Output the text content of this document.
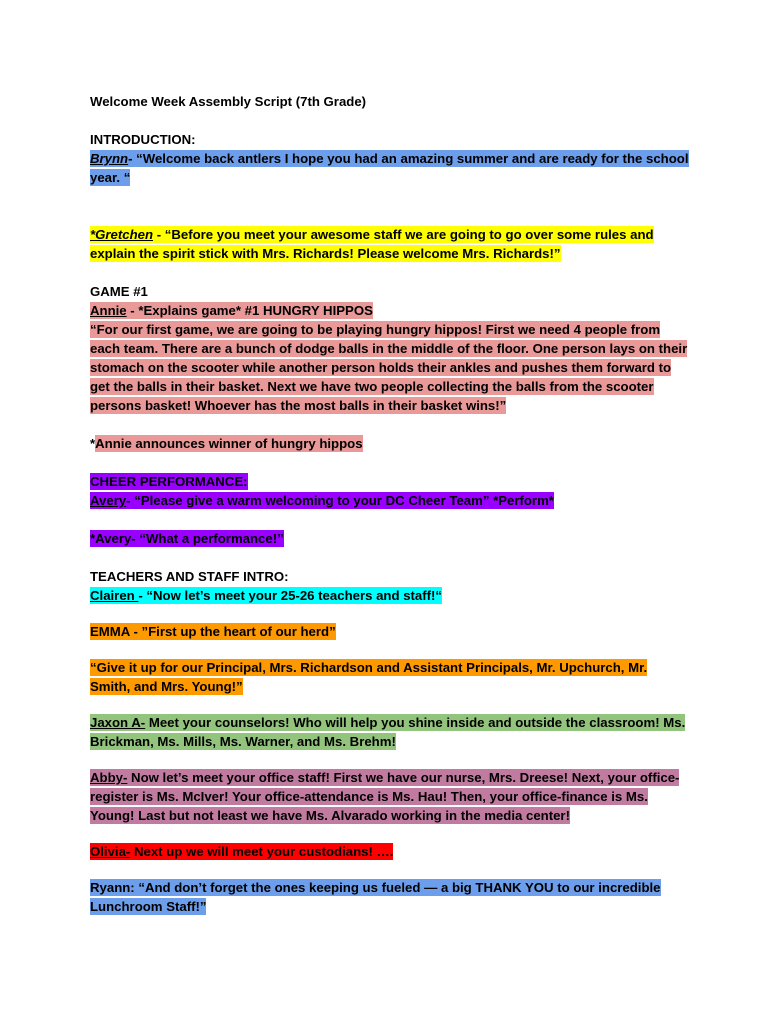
Welcome Week Assembly Script (7th Grade)

INTRODUCTION:

Brynn- “Welcome back antlers I hope you had an amazing summer and are ready for the school year. “

*Gretchen - “Before you meet your awesome staff we are going to go over some rules and explain the spirit stick with Mrs. Richards! Please welcome Mrs. Richards!”

GAME #1

Annie - *Explains game* #1 HUNGRY HIPPOS

“For our first game, we are going to be playing hungry hippos! First we need 4 people from each team. There are a bunch of dodge balls in the middle of the floor. One person lays on their stomach on the scooter while another person holds their ankles and pushes them forward to get the balls in their basket. Next we have two people collecting the balls from the scooter persons basket! Whoever has the most balls in their basket wins!”

*Annie announces winner of hungry hippos

CHEER PERFORMANCE:

Avery- “Please give a warm welcoming to your DC Cheer Team” *Perform*

*Avery- “What a performance!”

TEACHERS AND STAFF INTRO:

Clairen - “Now let’s meet your 25-26 teachers and staff!“

EMMA - ”First up the heart of our herd”

“Give it up for our Principal, Mrs. Richardson and Assistant Principals, Mr. Upchurch, Mr. Smith, and Mrs. Young!”

Jaxon A- Meet your counselors! Who will help you shine inside and outside the classroom! Ms. Brickman, Ms. Mills, Ms. Warner, and Ms. Brehm!

Abby- Now let’s meet your office staff! First we have our nurse, Mrs. Dreese! Next, your office-register is Ms. McIver! Your office-attendance is Ms. Hau! Then, your office-finance is Ms. Young! Last but not least we have Ms. Alvarado working in the media center!

Olivia- Next up we will meet your custodians! ….

Ryann: “And don’t forget the ones keeping us fueled — a big THANK YOU to our incredible Lunchroom Staff!”
